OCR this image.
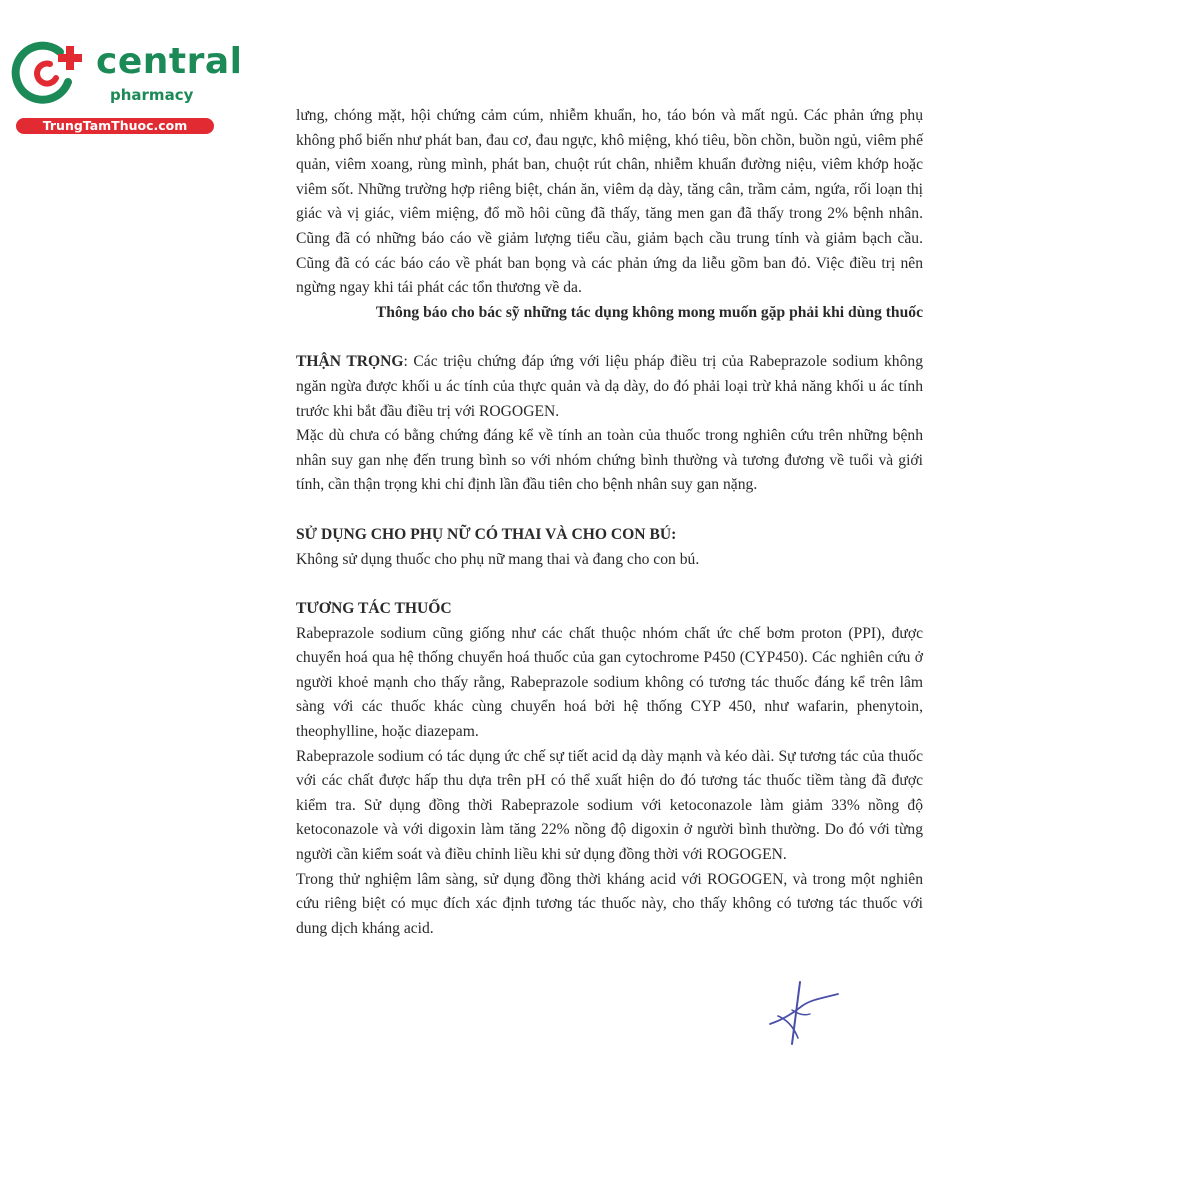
central
pharmacy
TrungTamThuoc.com

lưng, chóng mặt, hội chứng cảm cúm, nhiễm khuẩn, ho, táo bón và mất ngủ. Các phản ứng phụ không phổ biến như phát ban, đau cơ, đau ngực, khô miệng, khó tiêu, bồn chồn, buồn ngủ, viêm phế quản, viêm xoang, rùng mình, phát ban, chuột rút chân, nhiễm khuẩn đường niệu, viêm khớp hoặc viêm sốt. Những trường hợp riêng biệt, chán ăn, viêm dạ dày, tăng cân, trầm cảm, ngứa, rối loạn thị giác và vị giác, viêm miệng, đổ mồ hôi cũng đã thấy, tăng men gan đã thấy trong 2% bệnh nhân. Cũng đã có những báo cáo về giảm lượng tiểu cầu, giảm bạch cầu trung tính và giảm bạch cầu. Cũng đã có các báo cáo về phát ban bọng và các phản ứng da liễu gồm ban đỏ. Việc điều trị nên ngừng ngay khi tái phát các tổn thương về da.

Thông báo cho bác sỹ những tác dụng không mong muốn gặp phải khi dùng thuốc

THẬN TRỌNG: Các triệu chứng đáp ứng với liệu pháp điều trị của Rabeprazole sodium không ngăn ngừa được khối u ác tính của thực quản và dạ dày, do đó phải loại trừ khả năng khối u ác tính trước khi bắt đầu điều trị với ROGOGEN.

Mặc dù chưa có bằng chứng đáng kể về tính an toàn của thuốc trong nghiên cứu trên những bệnh nhân suy gan nhẹ đến trung bình so với nhóm chứng bình thường và tương đương về tuổi và giới tính, cần thận trọng khi chỉ định lần đầu tiên cho bệnh nhân suy gan nặng.

SỬ DỤNG CHO PHỤ NỮ CÓ THAI VÀ CHO CON BÚ:

Không sử dụng thuốc cho phụ nữ mang thai và đang cho con bú.

TƯƠNG TÁC THUỐC

Rabeprazole sodium cũng giống như các chất thuộc nhóm chất ức chế bơm proton (PPI), được chuyển hoá qua hệ thống chuyển hoá thuốc của gan cytochrome P450 (CYP450). Các nghiên cứu ở người khoẻ mạnh cho thấy rằng, Rabeprazole sodium không có tương tác thuốc đáng kể trên lâm sàng với các thuốc khác cùng chuyển hoá bởi hệ thống CYP 450, như wafarin, phenytoin, theophylline, hoặc diazepam.

Rabeprazole sodium có tác dụng ức chế sự tiết acid dạ dày mạnh và kéo dài. Sự tương tác của thuốc với các chất được hấp thu dựa trên pH có thể xuất hiện do đó tương tác thuốc tiềm tàng đã được kiểm tra. Sử dụng đồng thời Rabeprazole sodium với ketoconazole làm giảm 33% nồng độ ketoconazole và với digoxin làm tăng 22% nồng độ digoxin ở người bình thường. Do đó với từng người cần kiểm soát và điều chỉnh liều khi sử dụng đồng thời với ROGOGEN.

Trong thử nghiệm lâm sàng, sử dụng đồng thời kháng acid với ROGOGEN, và trong một nghiên cứu riêng biệt có mục đích xác định tương tác thuốc này, cho thấy không có tương tác thuốc với dung dịch kháng acid.
